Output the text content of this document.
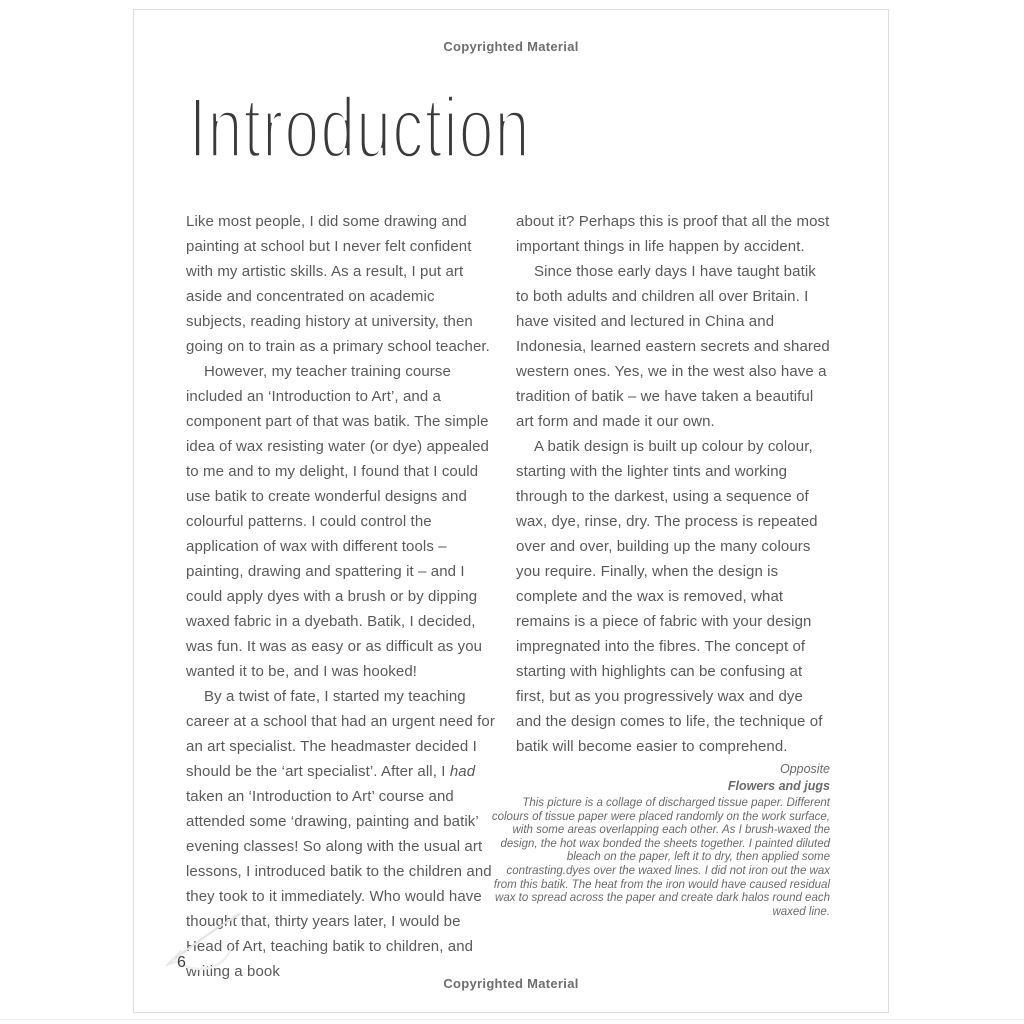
Copyrighted Material
Introduction

Like most people, I did some drawing and painting at school but I never felt confident with my artistic skills. As a result, I put art aside and concentrated on academic subjects, reading history at university, then going on to train as a primary school teacher.

However, my teacher training course included an ‘Introduction to Art’, and a component part of that was batik. The simple idea of wax resisting water (or dye) appealed to me and to my delight, I found that I could use batik to create wonderful designs and colourful patterns. I could control the application of wax with different tools – painting, drawing and spattering it – and I could apply dyes with a brush or by dipping waxed fabric in a dyebath. Batik, I decided, was fun. It was as easy or as difficult as you wanted it to be, and I was hooked!

By a twist of fate, I started my teaching career at a school that had an urgent need for an art specialist. The headmaster decided I should be the ‘art specialist’. After all, I had taken an ‘Introduction to Art’ course and attended some ‘drawing, painting and batik’ evening classes! So along with the usual art lessons, I introduced batik to the children and they took to it immediately. Who would have thought that, thirty years later, I would be Head of Art, teaching batik to children, and writing a book

about it? Perhaps this is proof that all the most important things in life happen by accident.

Since those early days I have taught batik to both adults and children all over Britain. I have visited and lectured in China and Indonesia, learned eastern secrets and shared western ones. Yes, we in the west also have a tradition of batik – we have taken a beautiful art form and made it our own.

A batik design is built up colour by colour, starting with the lighter tints and working through to the darkest, using a sequence of wax, dye, rinse, dry. The process is repeated over and over, building up the many colours you require. Finally, when the design is complete and the wax is removed, what remains is a piece of fabric with your design impregnated into the fibres. The concept of starting with highlights can be confusing at first, but as you progressively wax and dye and the design comes to life, the technique of batik will become easier to comprehend.

Opposite
Flowers and jugs
This picture is a collage of discharged tissue paper. Different colours of tissue paper were placed randomly on the work surface, with some areas overlapping each other. As I brush-waxed the design, the hot wax bonded the sheets together. I painted diluted bleach on the paper, left it to dry, then applied some contrasting.dyes over the waxed lines. I did not iron out the wax from this batik. The heat from the iron would have caused residual wax to spread across the paper and create dark halos round each waxed line.
6
Copyrighted Material
